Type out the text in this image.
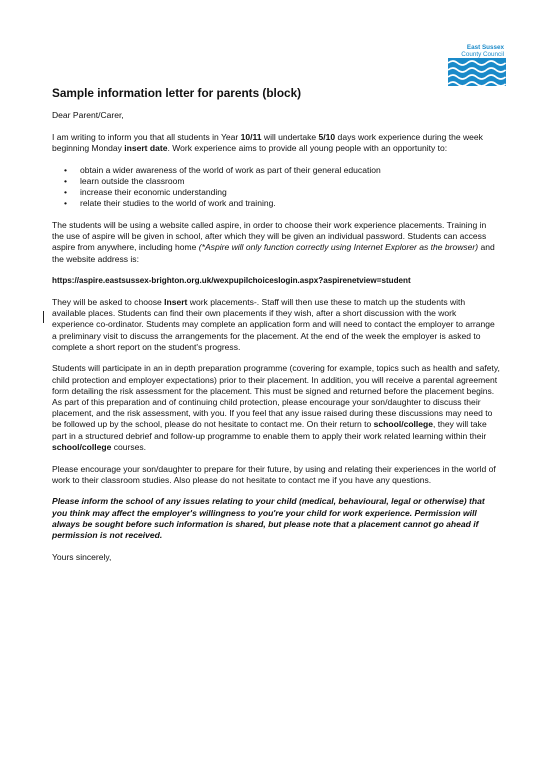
East Sussex
County Council
Sample information letter for parents (block)

Dear Parent/Carer,

I am writing to inform you that all students in Year 10/11 will undertake 5/10 days work experience during the week beginning Monday insert date. Work experience aims to provide all young people with an opportunity to:

• obtain a wider awareness of the world of work as part of their general education
• learn outside the classroom
• increase their economic understanding
• relate their studies to the world of work and training.

The students will be using a website called aspire, in order to choose their work experience placements. Training in the use of aspire will be given in school, after which they will be given an individual password. Students can access aspire from anywhere, including home (*Aspire will only function correctly using Internet Explorer as the browser) and the website address is:

https://aspire.eastsussex-brighton.org.uk/wexpupilchoiceslogin.aspx?aspirenetview=student

They will be asked to choose Insert work placements-. Staff will then use these to match up the students with available places. Students can find their own placements if they wish, after a short discussion with the work experience co-ordinator. Students may complete an application form and will need to contact the employer to arrange a preliminary visit to discuss the arrangements for the placement. At the end of the week the employer is asked to complete a short report on the student's progress.

Students will participate in an in depth preparation programme (covering for example, topics such as health and safety, child protection and employer expectations) prior to their placement. In addition, you will receive a parental agreement form detailing the risk assessment for the placement. This must be signed and returned before the placement begins. As part of this preparation and of continuing child protection, please encourage your son/daughter to discuss their placement, and the risk assessment, with you. If you feel that any issue raised during these discussions may need to be followed up by the school, please do not hesitate to contact me. On their return to school/college, they will take part in a structured debrief and follow-up programme to enable them to apply their work related learning within their school/college courses.

Please encourage your son/daughter to prepare for their future, by using and relating their experiences in the world of work to their classroom studies. Also please do not hesitate to contact me if you have any questions.

Please inform the school of any issues relating to your child (medical, behavioural, legal or otherwise) that you think may affect the employer's willingness to you're your child for work experience. Permission will always be sought before such information is shared, but please note that a placement cannot go ahead if permission is not received.

Yours sincerely,
